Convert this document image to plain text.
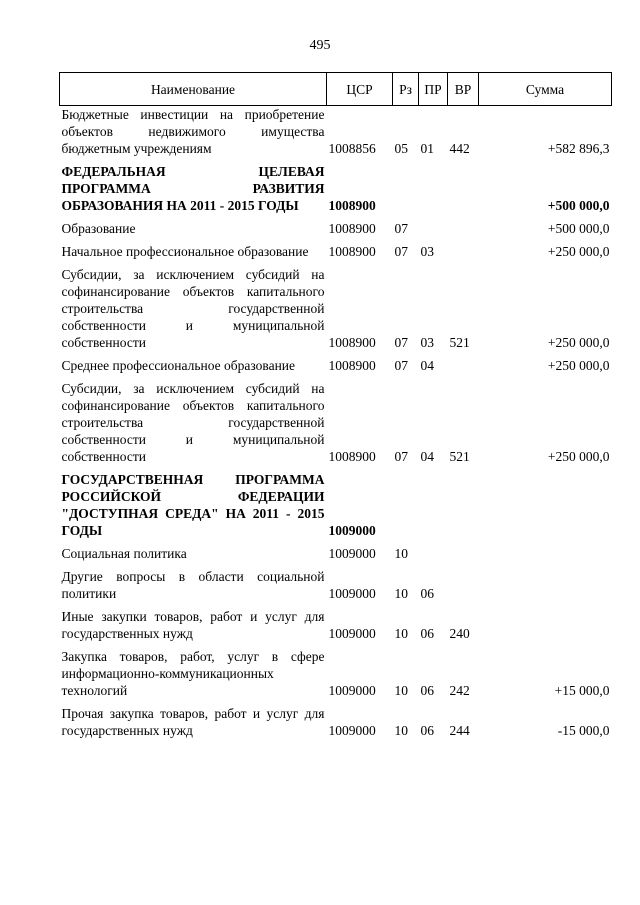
495
Наименование	ЦСР	Рз	ПР	ВР	Сумма
Бюджетные инвестиции на приобретение объектов недвижимого имущества бюджетным учреждениям	1008856	05	01	442	+582 896,3

ФЕДЕРАЛЬНАЯ ЦЕЛЕВАЯ ПРОГРАММА РАЗВИТИЯ ОБРАЗОВАНИЯ НА 2011 - 2015 ГОДЫ	1008900				+500 000,0

Образование	1008900	07			+500 000,0

Начальное профессиональное образование	1008900	07	03		+250 000,0

Субсидии, за исключением субсидий на софинансирование объектов капитального строительства государственной собственности и муниципальной собственности	1008900	07	03	521	+250 000,0

Среднее профессиональное образование	1008900	07	04		+250 000,0

Субсидии, за исключением субсидий на софинансирование объектов капитального строительства государственной собственности и муниципальной собственности	1008900	07	04	521	+250 000,0

ГОСУДАРСТВЕННАЯ ПРОГРАММА РОССИЙСКОЙ ФЕДЕРАЦИИ "ДОСТУПНАЯ СРЕДА" НА 2011 - 2015 ГОДЫ	1009000				

Социальная политика	1009000	10			

Другие вопросы в области социальной политики	1009000	10	06		

Иные закупки товаров, работ и услуг для государственных нужд	1009000	10	06	240	

Закупка товаров, работ, услуг в сфере информационно-коммуникационных технологий	1009000	10	06	242	+15 000,0

Прочая закупка товаров, работ и услуг для государственных нужд	1009000	10	06	244	-15 000,0
